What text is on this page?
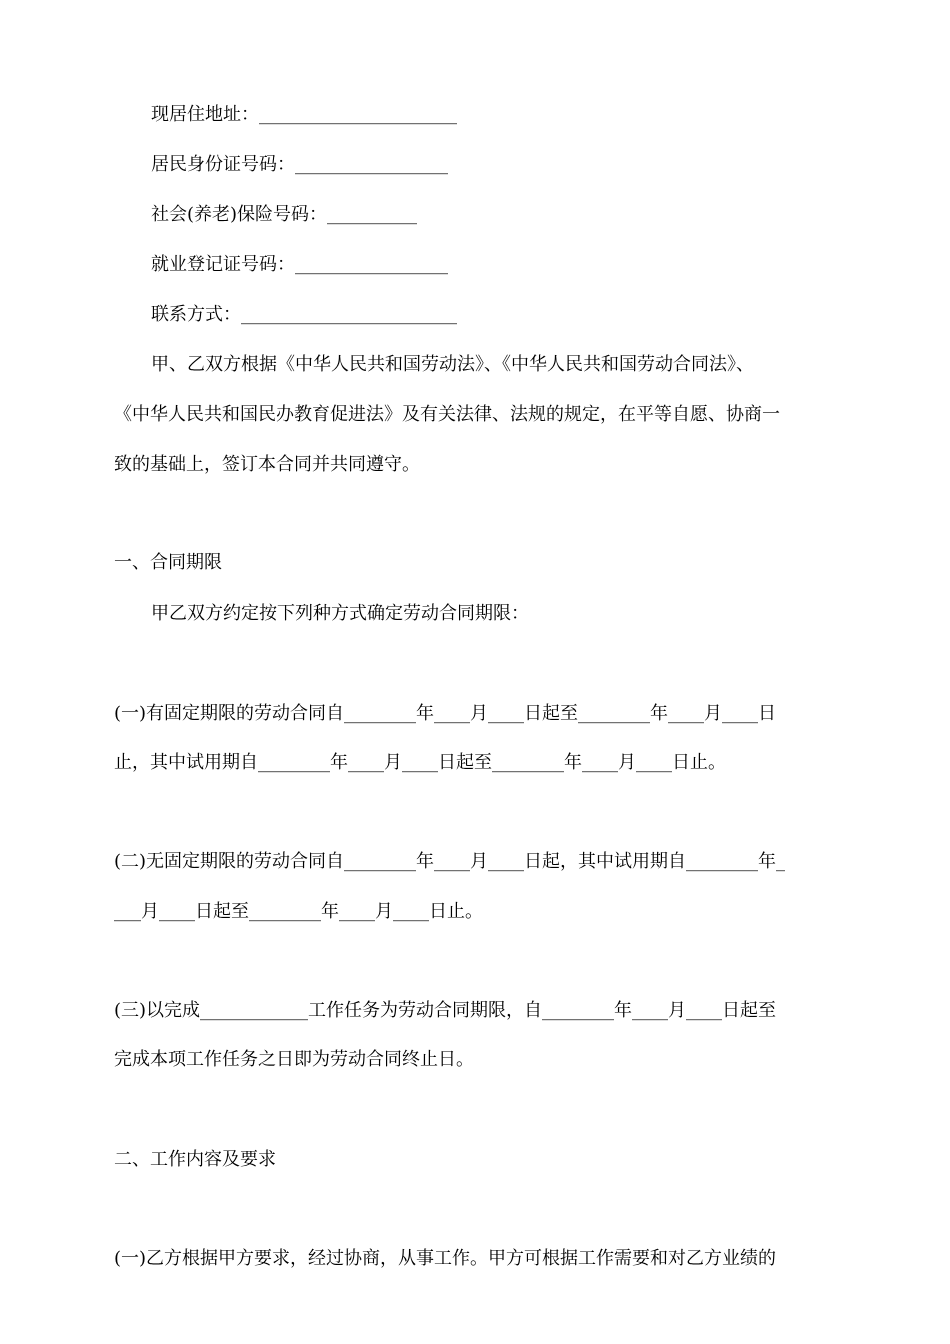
现居住地址：______________________
居民身份证号码：_________________
社会(养老)保险号码：__________
就业登记证号码：_________________
联系方式：________________________
甲、乙双方根据《中华人民共和国劳动法》、《中华人民共和国劳动合同法》、
《中华人民共和国民办教育促进法》及有关法律、法规的规定，在平等自愿、协商一
致的基础上，签订本合同并共同遵守。
一、合同期限
甲乙双方约定按下列种方式确定劳动合同期限：
(一)有固定期限的劳动合同自________年____月____日起至________年____月____日
止，其中试用期自________年____月____日起至________年____月____日止。
(二)无固定期限的劳动合同自________年____月____日起，其中试用期自________年_
___月____日起至________年____月____日止。
(三)以完成____________工作任务为劳动合同期限，自________年____月____日起至
完成本项工作任务之日即为劳动合同终止日。
二、工作内容及要求
(一)乙方根据甲方要求，经过协商，从事工作。甲方可根据工作需要和对乙方业绩的
